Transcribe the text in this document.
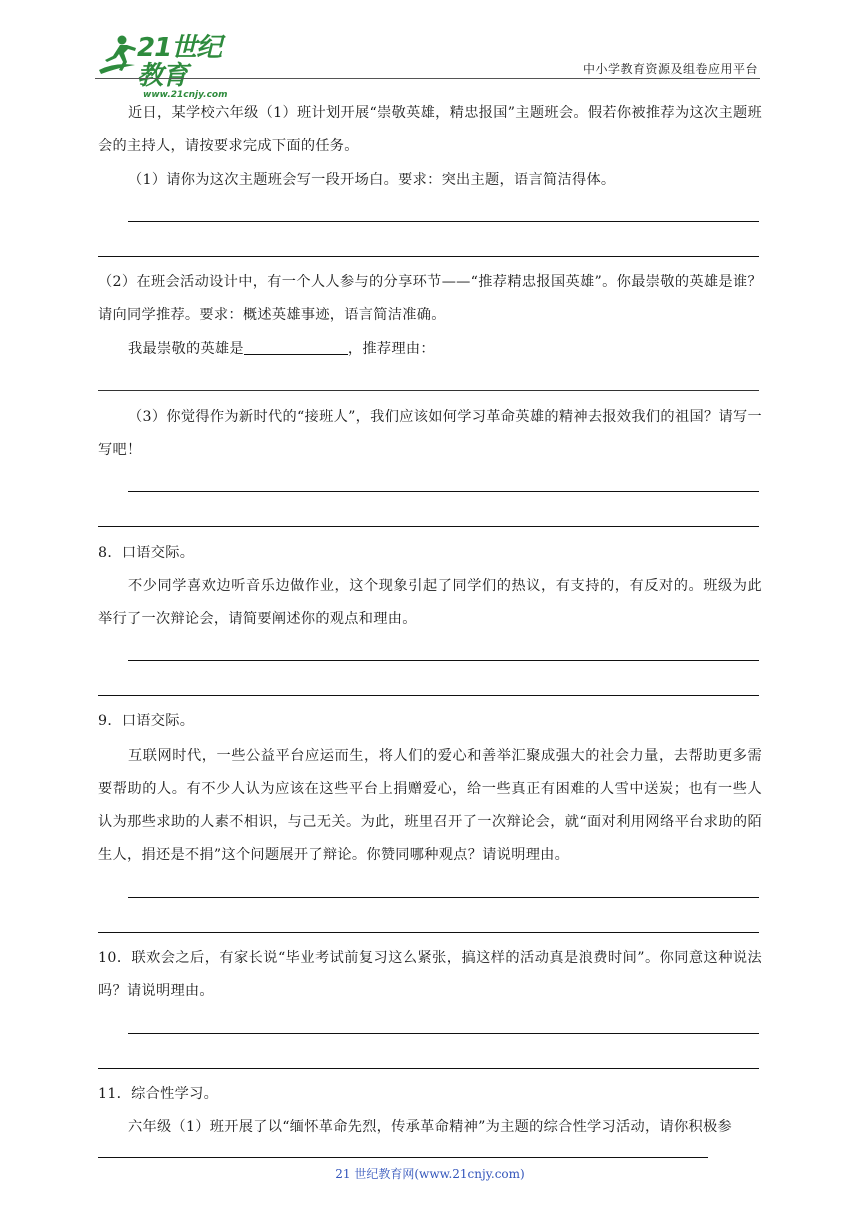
21世纪教育
www.21cnjy.com
中小学教育资源及组卷应用平台
近日，某学校六年级（1）班计划开展“崇敬英雄，精忠报国”主题班会。假若你被推荐为这次主题班会的主持人，请按要求完成下面的任务。
（1）请你为这次主题班会写一段开场白。要求：突出主题，语言简洁得体。
（2）在班会活动设计中，有一个人人参与的分享环节——“推荐精忠报国英雄”。你最崇敬的英雄是谁？请向同学推荐。要求：概述英雄事迹，语言简洁准确。
我最崇敬的英雄是	，推荐理由：
（3）你觉得作为新时代的“接班人”，我们应该如何学习革命英雄的精神去报效我们的祖国？请写一写吧！
8．口语交际。
不少同学喜欢边听音乐边做作业，这个现象引起了同学们的热议，有支持的，有反对的。班级为此举行了一次辩论会，请简要阐述你的观点和理由。
9．口语交际。
互联网时代，一些公益平台应运而生，将人们的爱心和善举汇聚成强大的社会力量，去帮助更多需要帮助的人。有不少人认为应该在这些平台上捐赠爱心，给一些真正有困难的人雪中送炭；也有一些人认为那些求助的人素不相识，与己无关。为此，班里召开了一次辩论会，就“面对利用网络平台求助的陌生人，捐还是不捐”这个问题展开了辩论。你赞同哪种观点？请说明理由。
10．联欢会之后，有家长说“毕业考试前复习这么紧张，搞这样的活动真是浪费时间”。你同意这种说法吗？请说明理由。
11．综合性学习。
六年级（1）班开展了以“缅怀革命先烈，传承革命精神”为主题的综合性学习活动，请你积极参
21 世纪教育网(www.21cnjy.com)
